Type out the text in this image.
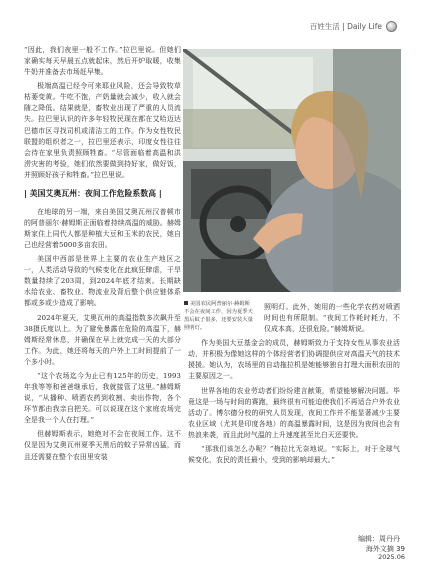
百姓生活 | Daily Life

“因此，我们夜里一般不工作。”拉巴里说。但她们家确实每天早晨五点就起床，然后开炉取暖，收集牛奶并准备去市场赶早集。

极端高温已经令可来耶业风险，还会导致牧草枯萎变黄。牛吃不饱，产奶量就会减少，收入就会随之降低。结果就是，畜牧业出现了严重的人员流失。拉巴里认识的许多年轻牧民现在都在艾哈迈达巴德市区寻找司机或清洁工的工作。作为女性牧民联盟的组织者之一，拉巴里还表示，印度女性往往会待在家里负责照顾牲畜。“尽管面临着高温和洪涝灾害的考验，她们依然要做到持好家，做好饭，并照顾好孩子和牲畜。”拉巴里说。

| 美国艾奥瓦州：夜间工作危险系数高 |

在地球的另一端，来自美国艾奥瓦州汉普顿市的阿普丽尔·赫姆斯正面临着持续高温的威胁。赫姆斯家住上同代人都是种植大豆和玉米的农民，她自己也经营着5000多亩农田。

美国中西部是世界上主要的农业生产地区之一，人类活动导致的气候变化在此疯狂肆虐，干旱数量持续了203周，到2024年底才结束。长期缺水给农业、畜牧业、物流业及背后整个供应链体系都或多或少造成了影响。

2024年夏天，艾奥瓦州的高温指数多次飙升至38摄氏度以上。为了避免暴露在危险的高温下，赫姆斯经常休息，并确保在早上就完成一天的大部分工作。为此，她还将每天的户外上工时间提前了一个多小时。

“这个农场迄今为止已有125年的历史，1993年我等等和爸爸继承后，我就接管了这里。”赫姆斯说，“从播种、喷洒农药到收割、卖出作物，各个环节都由我亲自把关。可以说现在这个家庭农场完全是我一个人在打理。”

但赫姆斯表示，她绝对不会在夜间工作。这不仅是因为艾奥瓦州夏季天黑后的蚊子异常凶猛，而且还需要在整个农田里安装

美国农民阿普丽尔·赫姆斯不会在夜间工作，因为夏季天黑后蚊子很多，还要安装大量照明灯。

照明灯。此外，她用的一些化学农药对喷洒时间也有所限制。“夜间工作耗时耗力，不仅成本高，还很危险。”赫姆斯说。

作为美国大豆基金会的成员，赫姆斯致力于支持女性从事农业活动，并积极为像她这样的个体经营者们协调提供应对高温天气的技术援援。她认为，农场里的自动拖拉机是她能够独自打理大面积农田的主要原因之一。

世界各地的农业劳动者们纷纷建言献策，希望能够解决问题。毕竟这是一场与时间的赛跑，最终很有可能迫使我们不再适合户外农业活动了。博尔德分校的研究人员发现，夜间工作并不能显著减少主要农业区域（尤其是印度各地）的高温暴露时间，这是因为夜间也会有热浪来袭，而且此时气温的上升速度甚至比白天还要快。

“那我们该怎么办呢？”梅拉比无奈地说。“实际上，对于全球气候变化，农民的责任最小，受到的影响却最大。”

编辑：周丹丹
海外文摘 39
2025.06
